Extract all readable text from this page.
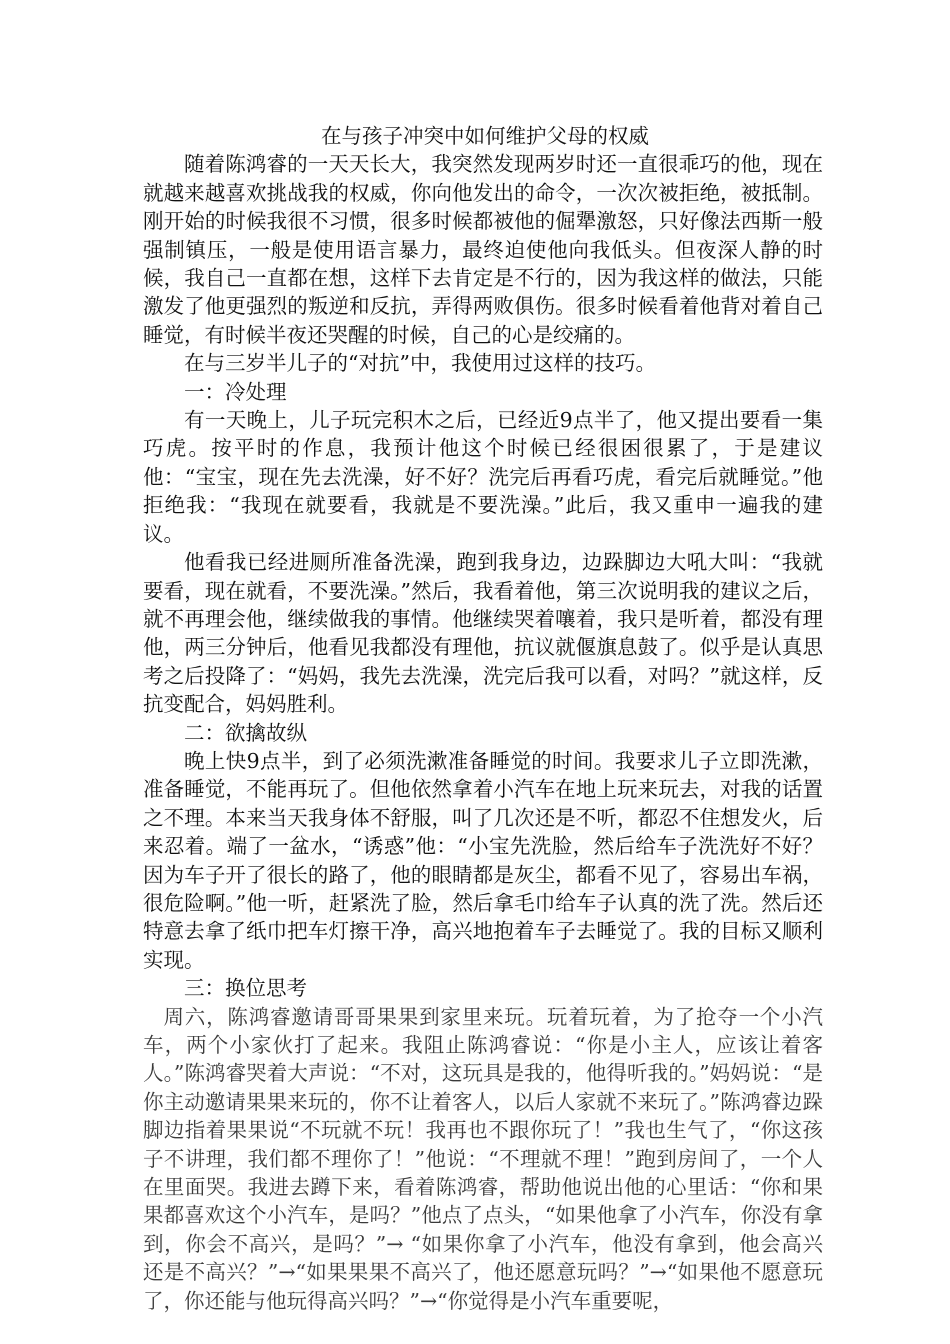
在与孩子冲突中如何维护父母的权威

随着陈鸿睿的一天天长大，我突然发现两岁时还一直很乖巧的他，现在就越来越喜欢挑战我的权威，你向他发出的命令，一次次被拒绝，被抵制。刚开始的时候我很不习惯，很多时候都被他的倔犟激怒，只好像法西斯一般强制镇压，一般是使用语言暴力，最终迫使他向我低头。但夜深人静的时候，我自己一直都在想，这样下去肯定是不行的，因为我这样的做法，只能激发了他更强烈的叛逆和反抗，弄得两败俱伤。很多时候看着他背对着自己睡觉，有时候半夜还哭醒的时候，自己的心是绞痛的。

在与三岁半儿子的“对抗”中，我使用过这样的技巧。

一：冷处理

有一天晚上，儿子玩完积木之后，已经近9点半了，他又提出要看一集巧虎。按平时的作息，我预计他这个时候已经很困很累了，于是建议他：“宝宝，现在先去洗澡，好不好？洗完后再看巧虎，看完后就睡觉。”他拒绝我：“我现在就要看，我就是不要洗澡。”此后，我又重申一遍我的建议。

他看我已经进厕所准备洗澡，跑到我身边，边跺脚边大吼大叫：“我就要看，现在就看，不要洗澡。”然后，我看着他，第三次说明我的建议之后，就不再理会他，继续做我的事情。他继续哭着嚷着，我只是听着，都没有理他，两三分钟后，他看见我都没有理他，抗议就偃旗息鼓了。似乎是认真思考之后投降了：“妈妈，我先去洗澡，洗完后我可以看，对吗？”就这样，反抗变配合，妈妈胜利。

二：欲擒故纵

晚上快9点半，到了必须洗漱准备睡觉的时间。我要求儿子立即洗漱，准备睡觉，不能再玩了。但他依然拿着小汽车在地上玩来玩去，对我的话置之不理。本来当天我身体不舒服，叫了几次还是不听，都忍不住想发火，后来忍着。端了一盆水，“诱惑”他：“小宝先洗脸，然后给车子洗洗好不好？因为车子开了很长的路了，他的眼睛都是灰尘，都看不见了，容易出车祸，很危险啊。”他一听，赶紧洗了脸，然后拿毛巾给车子认真的洗了洗。然后还特意去拿了纸巾把车灯擦干净，高兴地抱着车子去睡觉了。我的目标又顺利实现。

三：换位思考

周六，陈鸿睿邀请哥哥果果到家里来玩。玩着玩着，为了抢夺一个小汽车，两个小家伙打了起来。我阻止陈鸿睿说：“你是小主人，应该让着客人。”陈鸿睿哭着大声说：“不对，这玩具是我的，他得听我的。”妈妈说：“是你主动邀请果果来玩的，你不让着客人，以后人家就不来玩了。”陈鸿睿边跺脚边指着果果说“不玩就不玩！我再也不跟你玩了！”我也生气了，“你这孩子不讲理，我们都不理你了！”他说：“不理就不理！”跑到房间了，一个人在里面哭。我进去蹲下来，看着陈鸿睿，帮助他说出他的心里话：“你和果果都喜欢这个小汽车，是吗？”他点了点头，“如果他拿了小汽车，你没有拿到，你会不高兴，是吗？”→ “如果你拿了小汽车，他没有拿到，他会高兴还是不高兴？”→“如果果果不高兴了，他还愿意玩吗？”→“如果他不愿意玩了，你还能与他玩得高兴吗？”→“你觉得是小汽车重要呢，
